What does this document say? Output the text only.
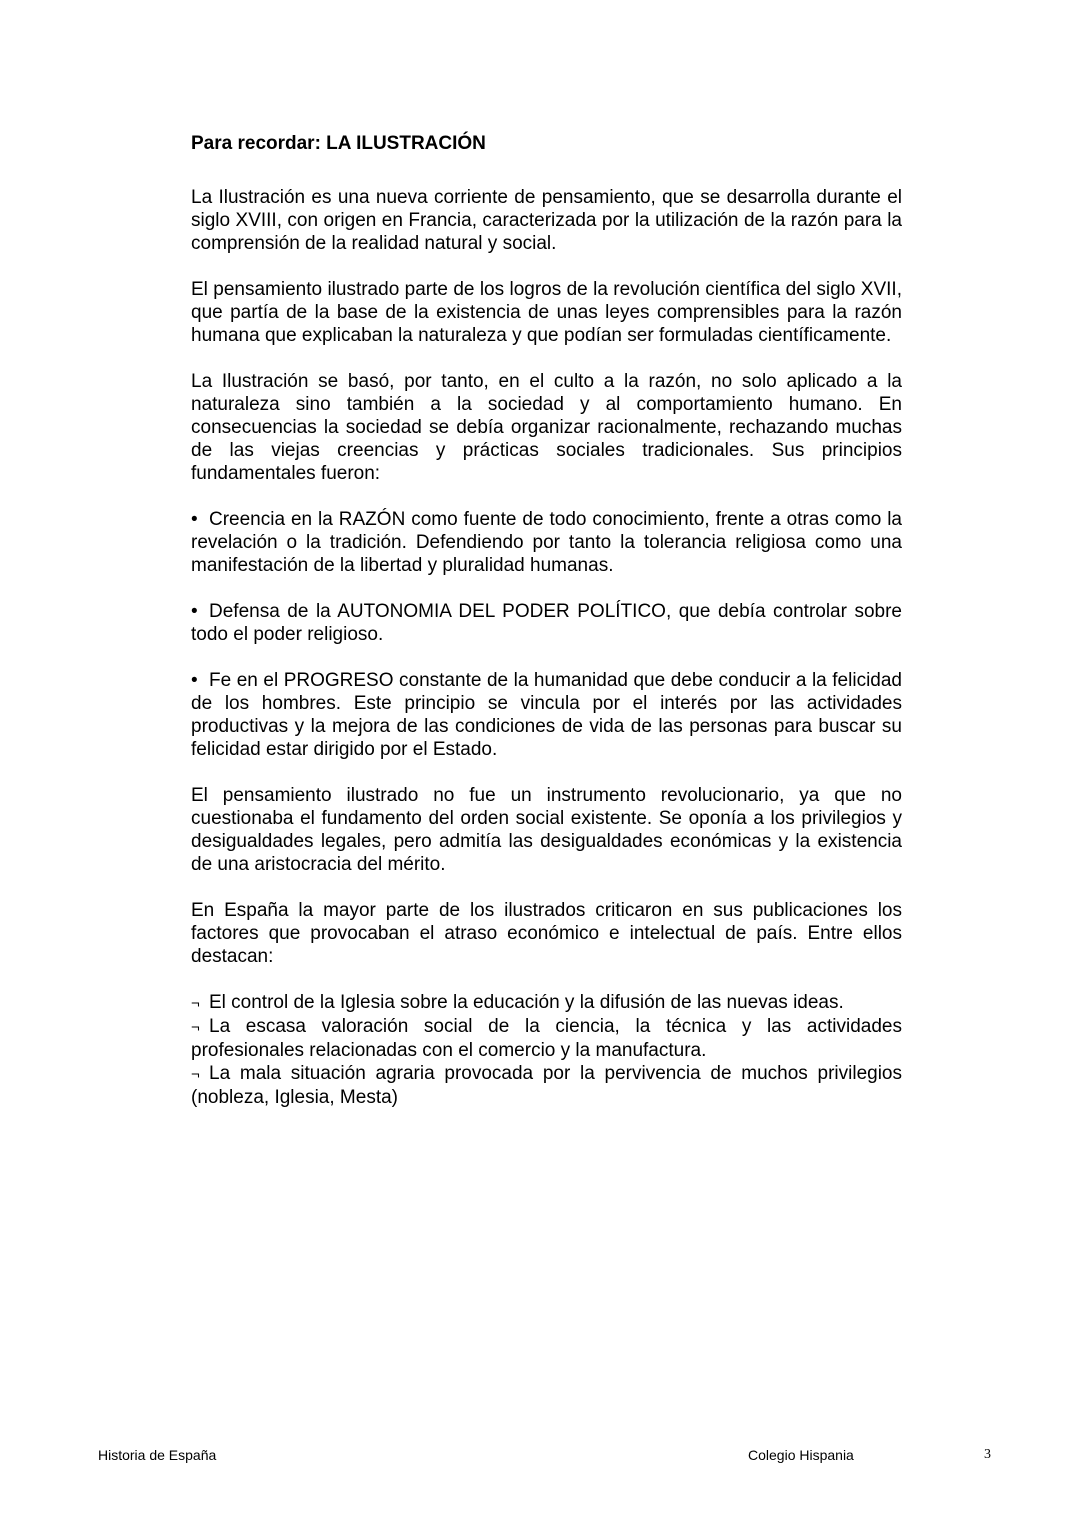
Para recordar: LA ILUSTRACIÓN

La Ilustración es una nueva corriente de pensamiento, que se desarrolla durante el siglo XVIII, con origen en Francia, caracterizada por la utilización de la razón para la comprensión de la realidad natural y social.

El pensamiento ilustrado parte de los logros de la revolución científica del siglo XVII, que partía de la base de la existencia de unas leyes comprensibles para la razón humana que explicaban la naturaleza y que podían ser formuladas científicamente.

La Ilustración se basó, por tanto, en el culto a la razón, no solo aplicado a la naturaleza sino también a la sociedad y al comportamiento humano. En consecuencias la sociedad se debía organizar racionalmente, rechazando muchas de las viejas creencias y prácticas sociales tradicionales. Sus principios fundamentales fueron:

• Creencia en la RAZÓN como fuente de todo conocimiento, frente a otras como la revelación o la tradición. Defendiendo por tanto la tolerancia religiosa como una manifestación de la libertad y pluralidad humanas.

• Defensa de la AUTONOMIA DEL PODER POLÍTICO, que debía controlar sobre todo el poder religioso.

• Fe en el PROGRESO constante de la humanidad que debe conducir a la felicidad de los hombres. Este principio se vincula por el interés por las actividades productivas y la mejora de las condiciones de vida de las personas para buscar su felicidad estar dirigido por el Estado.

El pensamiento ilustrado no fue un instrumento revolucionario, ya que no cuestionaba el fundamento del orden social existente. Se oponía a los privilegios y desigualdades legales, pero admitía las desigualdades económicas y la existencia de una aristocracia del mérito.

En España la mayor parte de los ilustrados criticaron en sus publicaciones los factores que provocaban el atraso económico e intelectual de país. Entre ellos destacan:

¬ El control de la Iglesia sobre la educación y la difusión de las nuevas ideas.

¬ La escasa valoración social de la ciencia, la técnica y las actividades profesionales relacionadas con el comercio y la manufactura.

¬ La mala situación agraria provocada por la pervivencia de muchos privilegios (nobleza, Iglesia, Mesta)

Historia de España	Colegio Hispania	3
